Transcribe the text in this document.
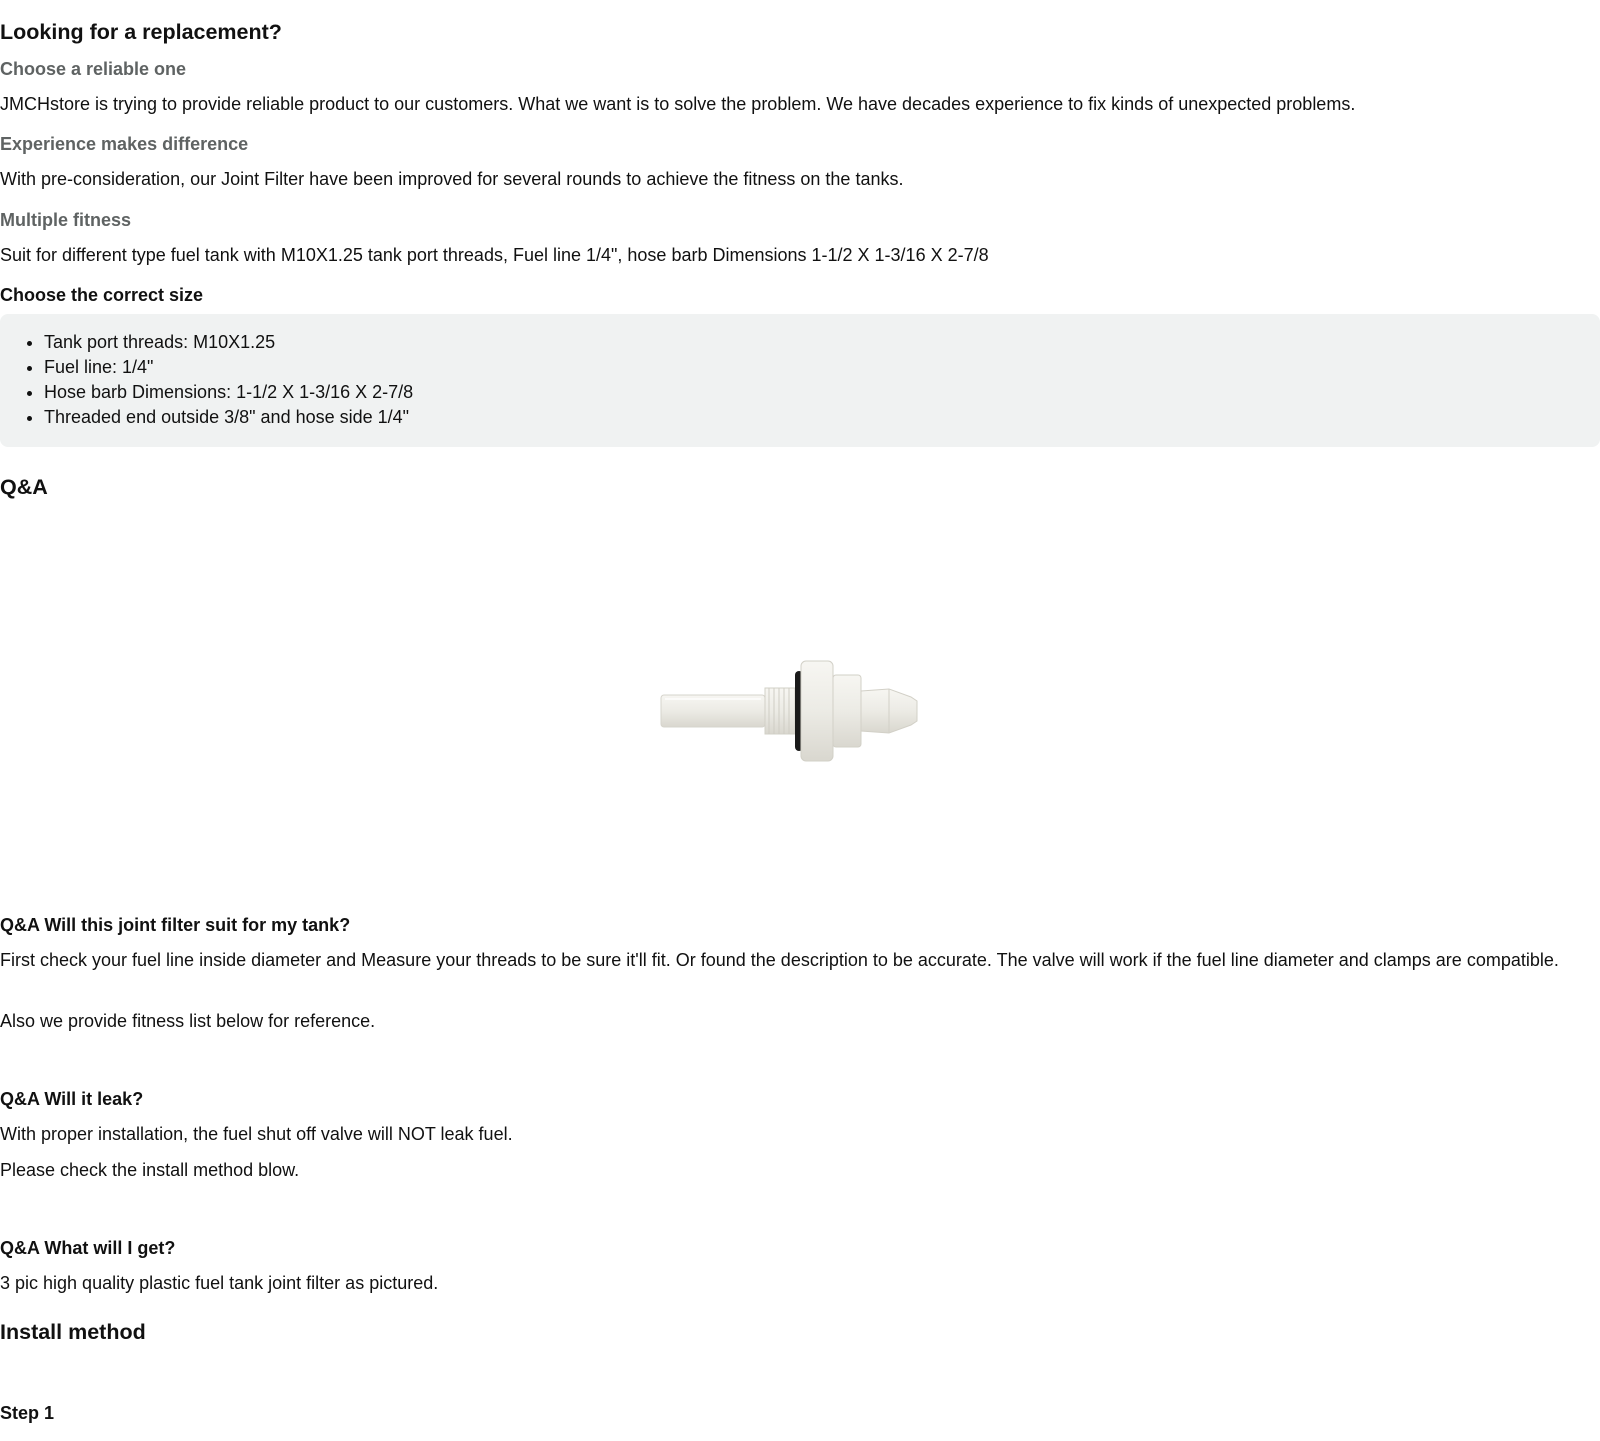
Looking for a replacement?
Choose a reliable one

JMCHstore is trying to provide reliable product to our customers. What we want is to solve the problem. We have decades experience to fix kinds of unexpected problems.

Experience makes difference

With pre-consideration, our Joint Filter have been improved for several rounds to achieve the fitness on the tanks.

Multiple fitness

Suit for different type fuel tank with M10X1.25 tank port threads, Fuel line 1/4", hose barb Dimensions 1-1/2 X 1-3/16 X 2-7/8

Choose the correct size
• Tank port threads: M10X1.25
• Fuel line: 1/4"
• Hose barb Dimensions: 1-1/2 X 1-3/16 X 2-7/8
• Threaded end outside 3/8" and hose side 1/4"
Q&A
Q&A Will this joint filter suit for my tank?

First check your fuel line inside diameter and Measure your threads to be sure it'll fit. Or found the description to be accurate. The valve will work if the fuel line diameter and clamps are compatible.

Also we provide fitness list below for reference.

Q&A Will it leak?

With proper installation, the fuel shut off valve will NOT leak fuel.

Please check the install method blow.

Q&A What will I get?

3 pic high quality plastic fuel tank joint filter as pictured.

Install method
Step 1
